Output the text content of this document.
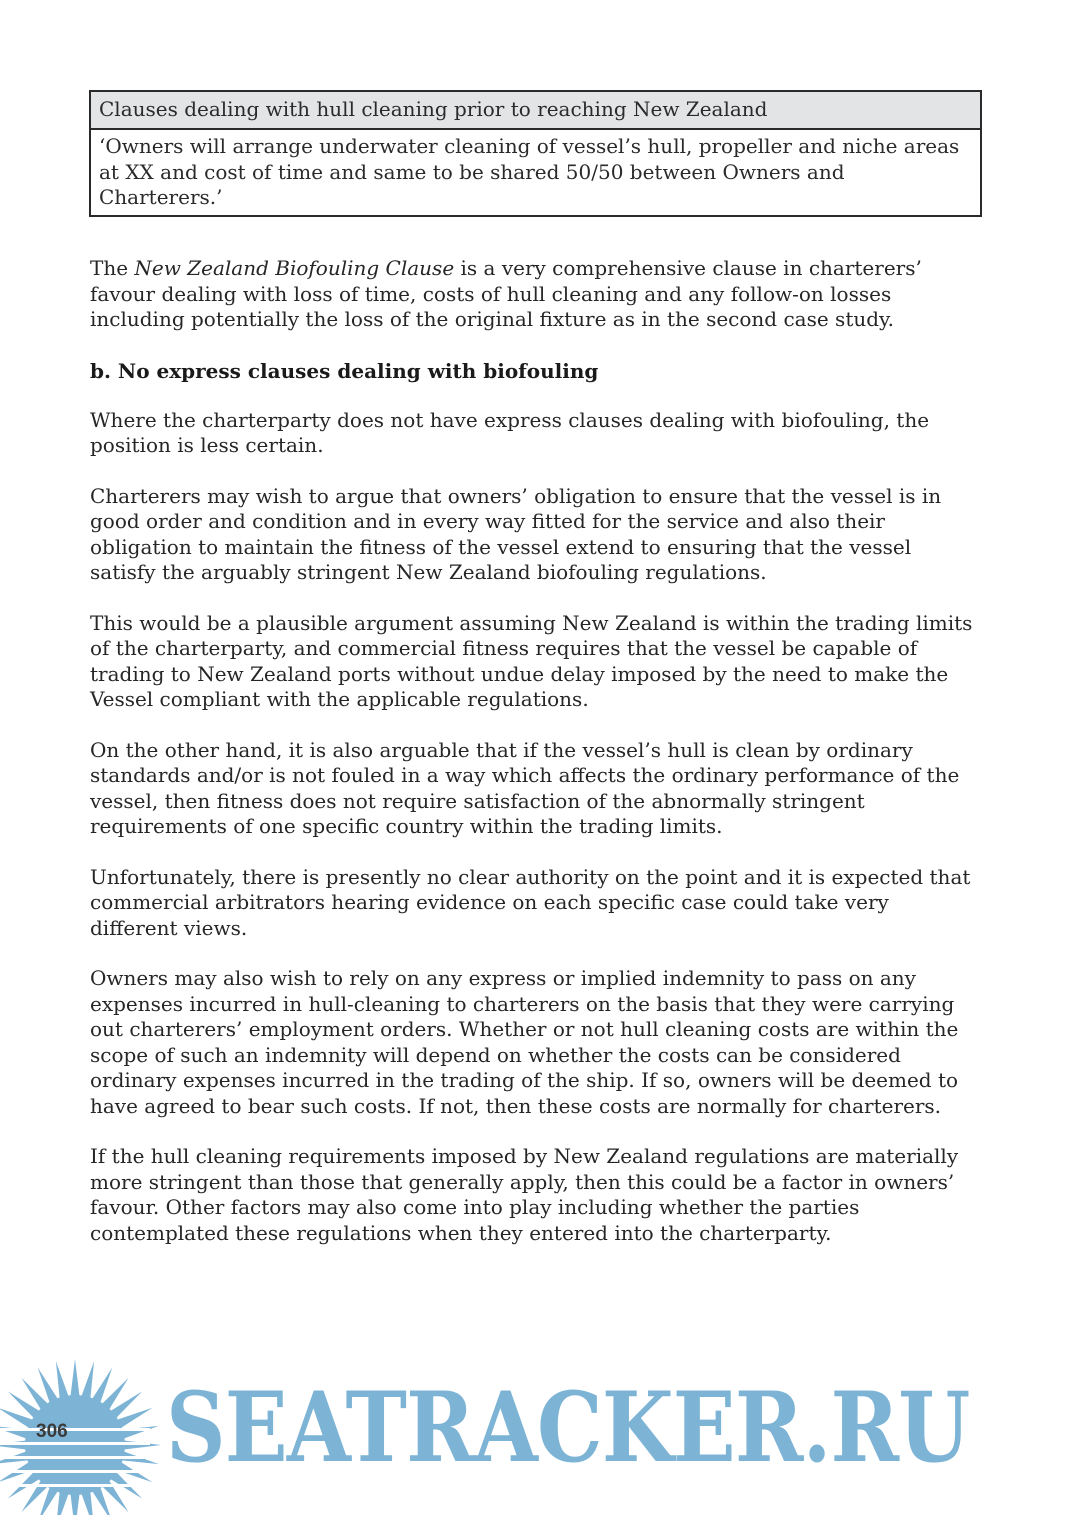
Clauses dealing with hull cleaning prior to reaching New Zealand
‘Owners will arrange underwater cleaning of vessel’s hull, propeller and niche areas at XX and cost of time and same to be shared 50/50 between Owners and Charterers.’

The New Zealand Biofouling Clause is a very comprehensive clause in charterers’ favour dealing with loss of time, costs of hull cleaning and any follow-on losses including potentially the loss of the original fixture as in the second case study.

b. No express clauses dealing with biofouling

Where the charterparty does not have express clauses dealing with biofouling, the position is less certain.

Charterers may wish to argue that owners’ obligation to ensure that the vessel is in good order and condition and in every way fitted for the service and also their obligation to maintain the fitness of the vessel extend to ensuring that the vessel satisfy the arguably stringent New Zealand biofouling regulations.

This would be a plausible argument assuming New Zealand is within the trading limits of the charterparty, and commercial fitness requires that the vessel be capable of trading to New Zealand ports without undue delay imposed by the need to make the Vessel compliant with the applicable regulations.

On the other hand, it is also arguable that if the vessel’s hull is clean by ordinary standards and/or is not fouled in a way which affects the ordinary performance of the vessel, then fitness does not require satisfaction of the abnormally stringent requirements of one specific country within the trading limits.

Unfortunately, there is presently no clear authority on the point and it is expected that commercial arbitrators hearing evidence on each specific case could take very different views.

Owners may also wish to rely on any express or implied indemnity to pass on any expenses incurred in hull-cleaning to charterers on the basis that they were carrying out charterers’ employment orders. Whether or not hull cleaning costs are within the scope of such an indemnity will depend on whether the costs can be considered ordinary expenses incurred in the trading of the ship. If so, owners will be deemed to have agreed to bear such costs. If not, then these costs are normally for charterers.

If the hull cleaning requirements imposed by New Zealand regulations are materially more stringent than those that generally apply, then this could be a factor in owners’ favour. Other factors may also come into play including whether the parties contemplated these regulations when they entered into the charterparty.

SEATRACKER.RU
306
